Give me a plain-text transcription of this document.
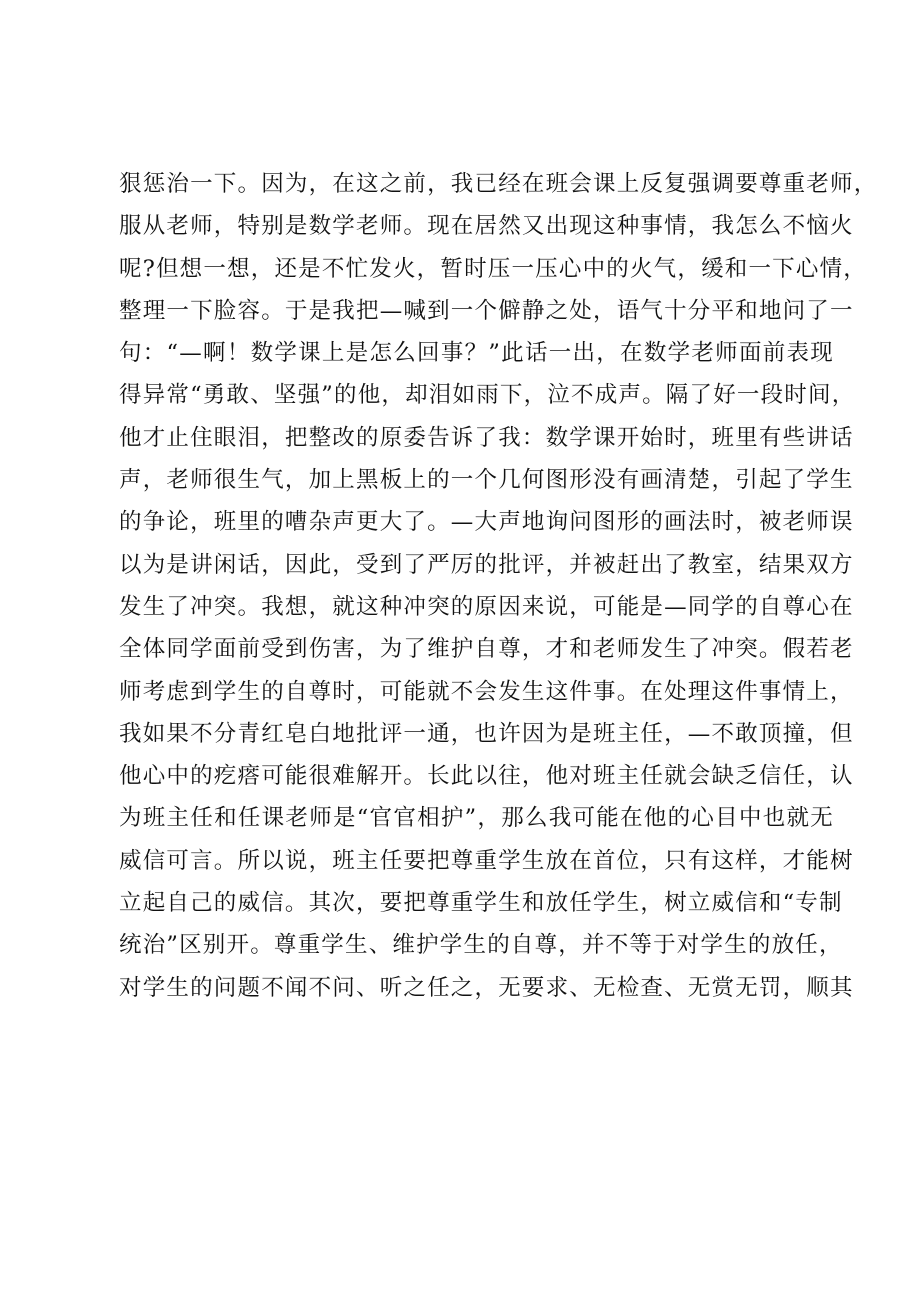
狠惩治一下。因为，在这之前，我已经在班会课上反复强调要尊重老师，
服从老师，特别是数学老师。现在居然又出现这种事情，我怎么不恼火
呢?但想一想，还是不忙发火，暂时压一压心中的火气，缓和一下心情，
整理一下脸容。于是我把—喊到一个僻静之处，语气十分平和地问了一
句：“—啊！数学课上是怎么回事？”此话一出，在数学老师面前表现
得异常“勇敢、坚强”的他，却泪如雨下，泣不成声。隔了好一段时间，
他才止住眼泪，把整改的原委告诉了我：数学课开始时，班里有些讲话
声，老师很生气，加上黑板上的一个几何图形没有画清楚，引起了学生
的争论，班里的嘈杂声更大了。—大声地询问图形的画法时，被老师误
以为是讲闲话，因此，受到了严厉的批评，并被赶出了教室，结果双方
发生了冲突。我想，就这种冲突的原因来说，可能是—同学的自尊心在
全体同学面前受到伤害，为了维护自尊，才和老师发生了冲突。假若老
师考虑到学生的自尊时，可能就不会发生这件事。在处理这件事情上，
我如果不分青红皂白地批评一通，也许因为是班主任，—不敢顶撞，但
他心中的疙瘩可能很难解开。长此以往，他对班主任就会缺乏信任，认
为班主任和任课老师是“官官相护”，那么我可能在他的心目中也就无
威信可言。所以说，班主任要把尊重学生放在首位，只有这样，才能树
立起自己的威信。其次，要把尊重学生和放任学生，树立威信和“专制
统治”区别开。尊重学生、维护学生的自尊，并不等于对学生的放任，
对学生的问题不闻不问、听之任之，无要求、无检查、无赏无罚，顺其
